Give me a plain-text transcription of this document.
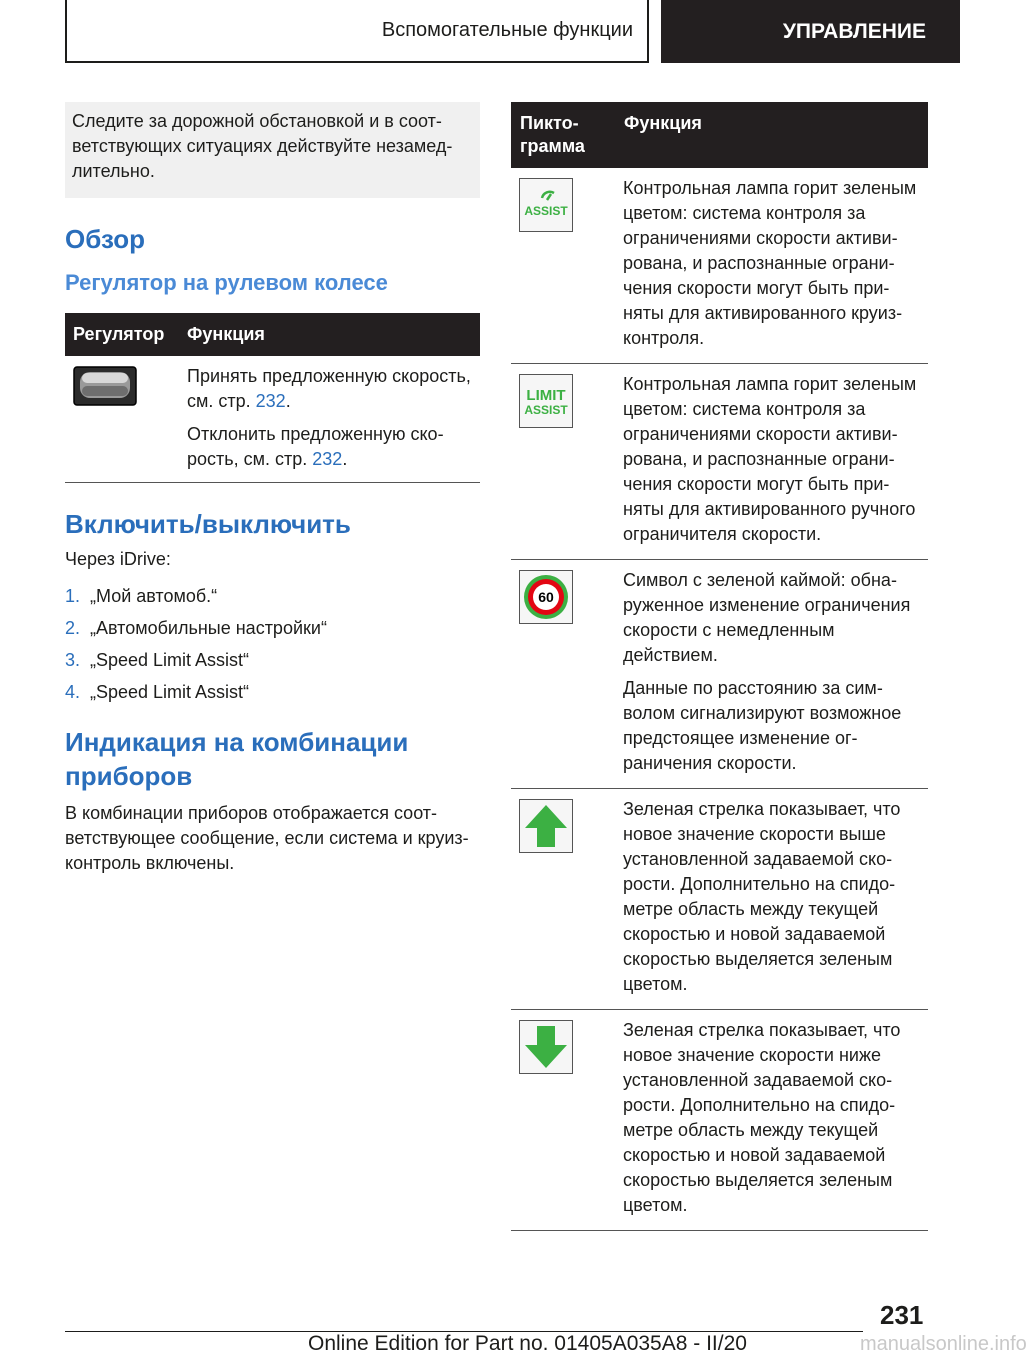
Вспомогательные функции	УПРАВЛЕНИЕ
Следите за дорожной обстановкой и в соответствующих ситуациях действуйте незамедлительно.
Обзор
Регулятор на рулевом колесе
Регулятор	Функция

Принять предложенную скорость, см. стр. 232.

Отклонить предложенную скорость, см. стр. 232.

Включить/выключить

Через iDrive:

1. „Мой автомоб.“
2. „Автомобильные настройки“
3. „Speed Limit Assist“
4. „Speed Limit Assist“
Индикация на комбинации
приборов

В комбинации приборов отображается соответствующее сообщение, если система и круиз-контроль включены.

Пиктограмма	Функция

ASSIST	Контрольная лампа горит зеленым цветом: система контроля за ограничениями скорости активирована, и распознанные ограничения скорости могут быть приняты для активированного круиз-контроля.

LIMIT
ASSIST	Контрольная лампа горит зеленым цветом: система контроля за ограничениями скорости активирована, и распознанные ограничения скорости могут быть приняты для активированного ручного ограничителя скорости.

60	Символ с зеленой каймой: обнаруженное изменение ограничения скорости с немедленным действием.

Данные по расстоянию за символом сигнализируют возможное предстоящее изменение ограничения скорости.

Зеленая стрелка показывает, что новое значение скорости выше установленной задаваемой скорости. Дополнительно на спидометре область между текущей скоростью и новой задаваемой скоростью выделяется зеленым цветом.

Зеленая стрелка показывает, что новое значение скорости ниже установленной задаваемой скорости. Дополнительно на спидометре область между текущей скоростью и новой задаваемой скоростью выделяется зеленым цветом.

231
Online Edition for Part no. 01405A035A8 - II/20	manualsonline.info
